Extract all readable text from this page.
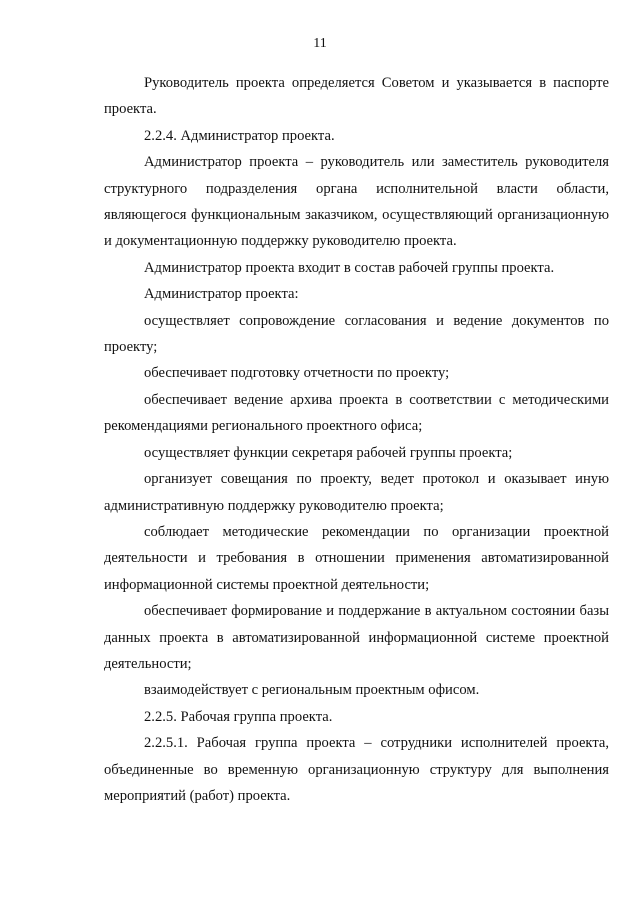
11

Руководитель проекта определяется Советом и указывается в паспорте проекта.

2.2.4. Администратор проекта.

Администратор проекта – руководитель или заместитель руководителя структурного подразделения органа исполнительной власти области, являющегося функциональным заказчиком, осуществляющий организационную и документационную поддержку руководителю проекта.

Администратор проекта входит в состав рабочей группы проекта.

Администратор проекта:

осуществляет сопровождение согласования и ведение документов по проекту;

обеспечивает подготовку отчетности по проекту;

обеспечивает ведение архива проекта в соответствии с методическими рекомендациями регионального проектного офиса;

осуществляет функции секретаря рабочей группы проекта;

организует совещания по проекту, ведет протокол и оказывает иную административную поддержку руководителю проекта;

соблюдает методические рекомендации по организации проектной деятельности и требования в отношении применения автоматизированной информационной системы проектной деятельности;

обеспечивает формирование и поддержание в актуальном состоянии базы данных проекта в автоматизированной информационной системе проектной деятельности;

взаимодействует с региональным проектным офисом.

2.2.5. Рабочая группа проекта.

2.2.5.1. Рабочая группа проекта – сотрудники исполнителей проекта, объединенные во временную организационную структуру для выполнения мероприятий (работ) проекта.
